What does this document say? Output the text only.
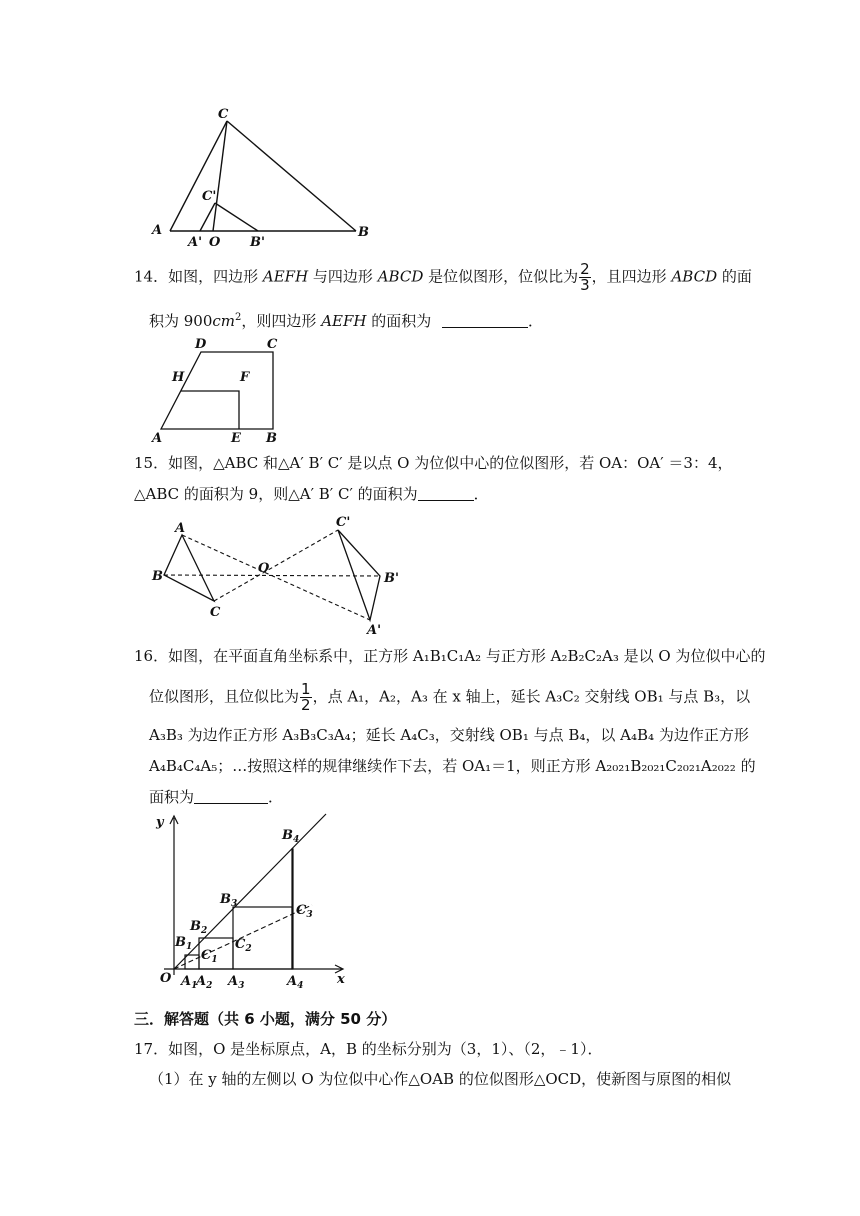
C
C'
A
A' O B'
B
14．如图，四边形 AEFH 与四边形 ABCD 是位似图形，位似比为 $\frac{2}{3}$ ，且四边形 ABCD 的面
积为 $900cm^2$，则四边形 AEFH 的面积为	．
D	C
H	F
A	E B
15．如图，△ABC 和△A′ B′ C′ 是以点 O 为位似中心的位似图形，若 OA：OA′ ＝3：4，
△ABC 的面积为 9，则△A′ B′ C′ 的面积为	．
A
B
C
O
C'
B'
A'
16．如图，在平面直角坐标系中，正方形 A₁B₁C₁A₂ 与正方形 A₂B₂C₂A₃ 是以 O 为位似中心的
位似图形，且位似比为 $\frac{1}{2}$ ，点 A₁，A₂，A₃ 在 x 轴上，延长 A₃C₂ 交射线 OB₁ 与点 B₃，以
A₃B₃ 为边作正方形 A₃B₃C₃A₄；延长 A₄C₃，交射线 OB₁ 与点 B₄，以 A₄B₄ 为边作正方形
A₄B₄C₄A₅；…按照这样的规律继续作下去，若 OA₁＝1，则正方形 A₂₀₂₁B₂₀₂₁C₂₀₂₁A₂₀₂₂ 的
面积为	．
y
x
O $A_1$
$A_2$ $A_3$	$A_4$
$B_1$
$B_2$
$B_3$
$B_4$
$C_1$
$C_2$
$C_3$
三．解答题（共 6 小题，满分 50 分）
17．如图，O 是坐标原点，A，B 的坐标分别为（3，1）、（2，﹣1）．
（1）在 y 轴的左侧以 O 为位似中心作△OAB 的位似图形△OCD，使新图与原图的相似
